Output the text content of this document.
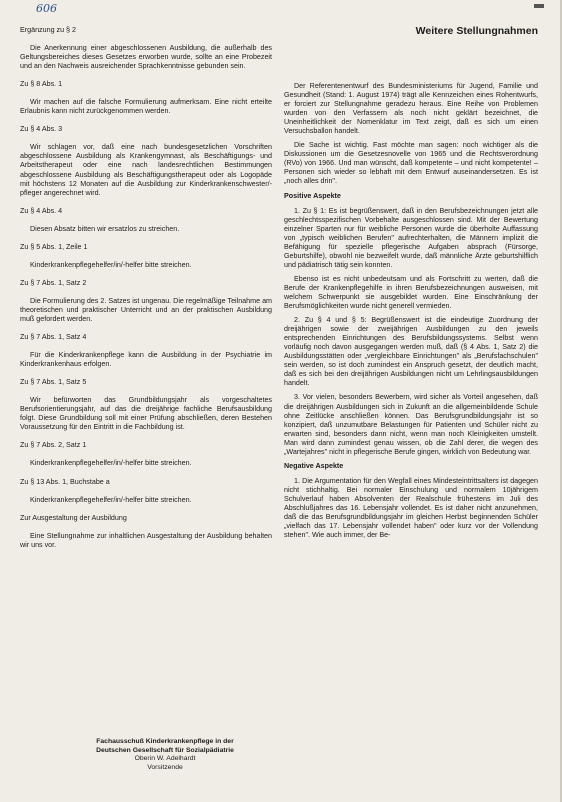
606

Ergänzung zu § 2

Die Anerkennung einer abgeschlossenen Ausbildung, die außerhalb des Geltungsbereiches dieses Gesetzes erworben wurde, sollte an eine Probezeit und an den Nachweis ausreichender Sprachkenntnisse gebunden sein.

Zu § 8 Abs. 1

Wir machen auf die falsche Formulierung aufmerksam. Eine nicht erteilte Erlaubnis kann nicht zurückgenommen werden.

Zu § 4 Abs. 3

Wir schlagen vor, daß eine nach bundesgesetzlichen Vorschriften abgeschlossene Ausbildung als Krankengymnast, als Beschäftigungs- und Arbeitstherapeut oder eine nach landesrechtlichen Bestimmungen abgeschlossene Ausbildung als Beschäftigungstherapeut oder als Logopäde mit höchstens 12 Monaten auf die Ausbildung zur Kinderkrankenschwester/-pfleger angerechnet wird.

Zu § 4 Abs. 4

Diesen Absatz bitten wir ersatzlos zu streichen.

Zu § 5 Abs. 1, Zeile 1

Kinderkrankenpflegehelfer/in/-helfer bitte streichen.

Zu § 7 Abs. 1, Satz 2

Die Formulierung des 2. Satzes ist ungenau. Die regelmäßige Teilnahme am theoretischen und praktischer Unterricht und an der praktischen Ausbildung muß gefordert werden.

Zu § 7 Abs. 1, Satz 4

Für die Kinderkrankenpflege kann die Ausbildung in der Psychiatrie im Kinderkrankenhaus erfolgen.

Zu § 7 Abs. 1, Satz 5

Wir befürworten das Grundbildungsjahr als vorgeschaltetes Berufsorientierungsjahr, auf das die dreijährige fachliche Berufsausbildung folgt. Diese Grundbildung soll mit einer Prüfung abschließen, deren Bestehen Voraussetzung für den Eintritt in die Fachbildung ist.

Zu § 7 Abs. 2, Satz 1

Kinderkrankenpflegehelfer/in/-helfer bitte streichen.

Zu § 13 Abs. 1, Buchstabe a

Kinderkrankenpflegehelfer/in/-helfer bitte streichen.

Zur Ausgestaltung der Ausbildung

Eine Stellungnahme zur inhaltlichen Ausgestaltung der Ausbildung behalten wir uns vor.

Weitere Stellungnahmen

Der Referentenentwurf des Bundesministeriums für Jugend, Familie und Gesundheit (Stand: 1. August 1974) trägt alle Kennzeichen eines Rohentwurfs, er forciert zur Stellungnahme geradezu heraus. Eine Reihe von Problemen wurden von den Verfassern als noch nicht geklärt bezeichnet, die Uneinheitlichkeit der Nomenklatur im Text zeigt, daß es sich um einen Versuchsballon handelt.

Die Sache ist wichtig. Fast möchte man sagen: noch wichtiger als die Diskussionen um die Gesetzesnovelle von 1965 und die Rechtsverordnung (RVo) von 1966. Und man wünscht, daß kompetente – und nicht kompetente! – Personen sich wieder so lebhaft mit dem Entwurf auseinandersetzen. Es ist „noch alles drin".

Positive Aspekte

1. Zu § 1: Es ist begrüßenswert, daß in den Berufsbezeichnungen jetzt alle geschlechtsspezifischen Vorbehalte ausgeschlossen sind. Mit der Bewertung einzelner Sparten nur für weibliche Personen wurde die überholte Auffassung von „typisch weiblichen Berufen" aufrechterhalten, die Männern implizit die Befähigung für spezielle pflegerische Aufgaben absprach (Fürsorge, Geburtshilfe), obwohl nie bezweifelt wurde, daß männliche Ärzte geburtshilflich und pädiatrisch tätig sein konnten.

Ebenso ist es nicht unbedeutsam und als Fortschritt zu werten, daß die Berufe der Krankenpflegehilfe in ihren Berufsbezeichnungen ausweisen, mit welchem Schwerpunkt sie ausgebildet wurden. Eine Einschränkung der Berufsmöglichkeiten wurde nicht generell vermieden.

2. Zu § 4 und § 5: Begrüßenswert ist die eindeutige Zuordnung der dreijährigen sowie der zweijährigen Ausbildungen zu den jeweils entsprechenden Einrichtungen des Berufsbildungssystems. Selbst wenn vorläufig noch davon ausgegangen werden muß, daß (§ 4 Abs. 1, Satz 2) die Ausbildungsstätten oder „vergleichbare Einrichtungen" als „Berufsfachschulen" sein werden, so ist doch zumindest ein Anspruch gesetzt, der deutlich macht, daß es sich bei den dreijährigen Ausbildungen nicht um Lehrlingsausbildungen handelt.

3. Vor vielen, besonders Bewerbern, wird sicher als Vorteil angesehen, daß die dreijährigen Ausbildungen sich in Zukunft an die allgemeinbildende Schule ohne Zeitlücke anschließen können. Das Berufsgrundbildungsjahr ist so konzipiert, daß unzumutbare Belastungen für Patienten und Schüler nicht zu erwarten sind, besonders dann nicht, wenn man noch Kleinigkeiten umstellt. Man wird dann zumindest genau wissen, ob die Zahl derer, die wegen des „Wartejahres" nicht in pflegerische Berufe gingen, wirklich von Bedeutung war.

Negative Aspekte

1. Die Argumentation für den Wegfall eines Mindesteintrittsalters ist dagegen nicht stichhaltig. Bei normaler Einschulung und normalem 10jährigem Schulverlauf haben Absolventen der Realschule frühestens im Juli des Abschlußjahres das 16. Lebensjahr vollendet. Es ist daher nicht anzunehmen, daß die das Berufsgrundbildungsjahr im gleichen Herbst beginnenden Schüler „vielfach das 17. Lebensjahr vollendet haben" oder kurz vor der Vollendung stehen". Wie auch immer, der Be-

Fachausschuß Kinderkrankenpflege in der
Deutschen Gesellschaft für Sozialpädiatrie
Oberin W. Adelhardt
Vorsitzende
